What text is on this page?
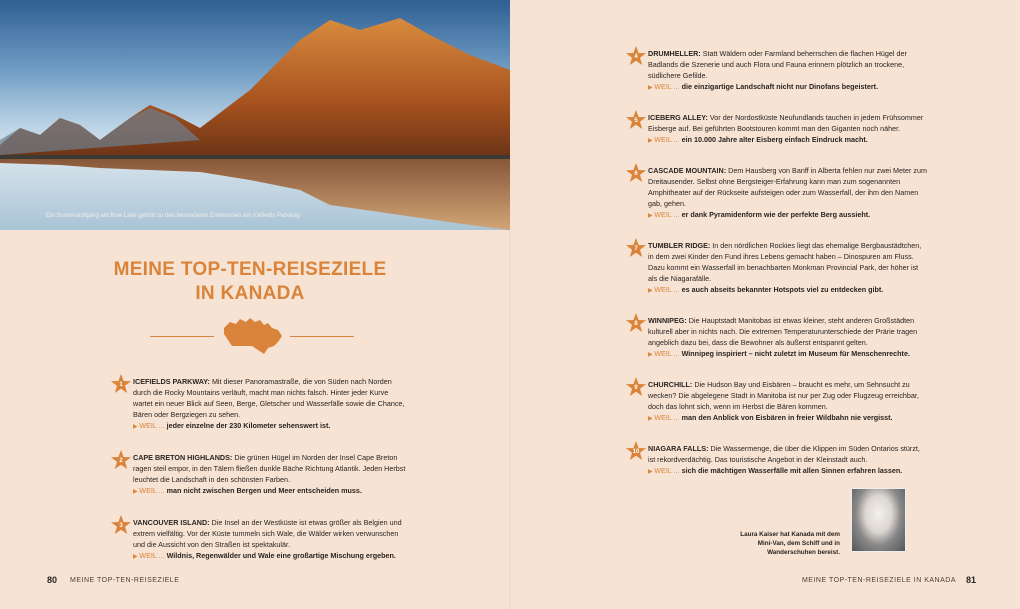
Ein Sonnenaufgang am Bow Lake gehört zu den besonderen Erlebnissen am Icefields Parkway.
MEINE TOP-TEN-REISEZIELE
IN KANADA
1	ICEFIELDS PARKWAY: Mit dieser Panoramastraße, die von Süden nach Norden durch die Rocky Mountains verläuft, macht man nichts falsch. Hinter jeder Kurve wartet ein neuer Blick auf Seen, Berge, Gletscher und Wasserfälle sowie die Chance, Bären oder Bergziegen zu sehen.
▶ WEIL ... jeder einzelne der 230 Kilometer sehenswert ist.
2	CAPE BRETON HIGHLANDS: Die grünen Hügel im Norden der Insel Cape Breton ragen steil empor, in den Tälern fließen dunkle Bäche Richtung Atlantik. Jeden Herbst leuchtet die Landschaft in den schönsten Farben.
▶ WEIL ... man nicht zwischen Bergen und Meer entscheiden muss.
3	VANCOUVER ISLAND: Die Insel an der Westküste ist etwas größer als Belgien und extrem vielfältig. Vor der Küste tummeln sich Wale, die Wälder wirken verwunschen und die Aussicht von den Straßen ist spektakulär.
▶ WEIL ... Wildnis, Regenwälder und Wale eine großartige Mischung ergeben.
4	DRUMHELLER: Statt Wäldern oder Farmland beherrschen die flachen Hügel der Badlands die Szenerie und auch Flora und Fauna erinnern plötzlich an trockene, südlichere Gefilde.
▶ WEIL ... die einzigartige Landschaft nicht nur Dinofans begeistert.
5	ICEBERG ALLEY: Vor der Nordostküste Neufundlands tauchen in jedem Frühsommer Eisberge auf. Bei geführten Bootstouren kommt man den Giganten noch näher.
▶ WEIL ... ein 10.000 Jahre alter Eisberg einfach Eindruck macht.
6	CASCADE MOUNTAIN: Dem Hausberg von Banff in Alberta fehlen nur zwei Meter zum Dreitausender. Selbst ohne Bergsteiger-Erfahrung kann man zum sogenannten Amphitheater auf der Rückseite aufsteigen oder zum Wasserfall, der ihm den Namen gab, gehen.
▶ WEIL ... er dank Pyramidenform wie der perfekte Berg aussieht.
7	TUMBLER RIDGE: In den nördlichen Rockies liegt das ehemalige Bergbaustädtchen, in dem zwei Kinder den Fund ihres Lebens gemacht haben – Dinospuren am Fluss. Dazu kommt ein Wasserfall im benachbarten Monkman Provincial Park, der höher ist als die Niagarafälle.
▶ WEIL ... es auch abseits bekannter Hotspots viel zu entdecken gibt.
8	WINNIPEG: Die Hauptstadt Manitobas ist etwas kleiner, steht anderen Großstädten kulturell aber in nichts nach. Die extremen Temperaturunterschiede der Prärie tragen angeblich dazu bei, dass die Bewohner als äußerst entspannt gelten.
▶ WEIL ... Winnipeg inspiriert – nicht zuletzt im Museum für Menschenrechte.
9	CHURCHILL: Die Hudson Bay und Eisbären – braucht es mehr, um Sehnsucht zu wecken? Die abgelegene Stadt in Manitoba ist nur per Zug oder Flugzeug erreichbar, doch das lohnt sich, wenn im Herbst die Bären kommen.
▶ WEIL ... man den Anblick von Eisbären in freier Wildbahn nie vergisst.
10	NIAGARA FALLS: Die Wassermenge, die über die Klippen im Süden Ontarios stürzt, ist rekordverdächtig. Das touristische Angebot in der Kleinstadt auch.
▶ WEIL ... sich die mächtigen Wasserfälle mit allen Sinnen erfahren lassen.
Laura Kaiser hat Kanada mit dem Mini-Van, dem Schiff und in Wanderschuhen bereist.
80 MEINE TOP-TEN-REISEZIELE	MEINE TOP-TEN-REISEZIELE IN KANADA 81
